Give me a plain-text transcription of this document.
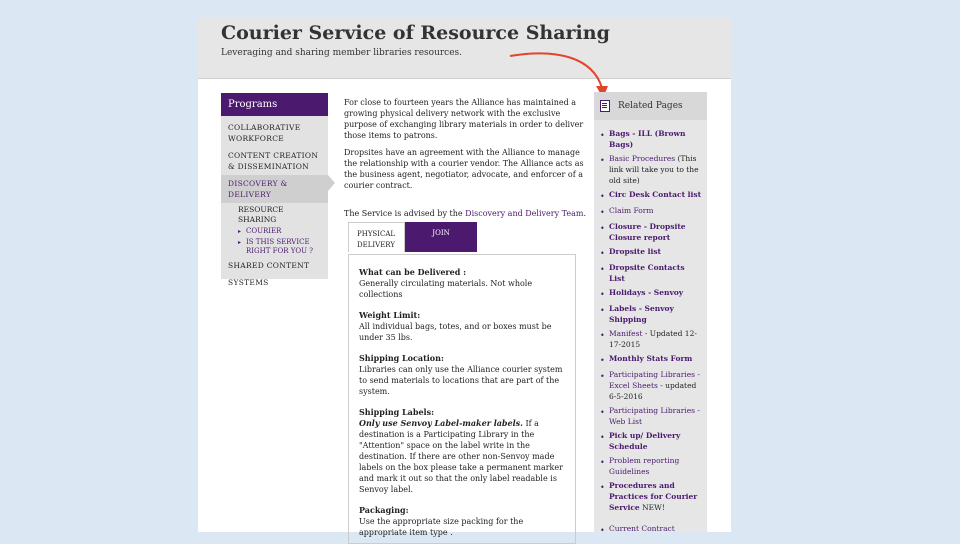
Courier Service of Resource Sharing
Leveraging and sharing member libraries resources.
Programs
COLLABORATIVE WORKFORCE
CONTENT CREATION & DISSEMINATION
DISCOVERY & DELIVERY
RESOURCE SHARING
▸ COURIER
▸ IS THIS SERVICE RIGHT FOR YOU ?
SHARED CONTENT
SYSTEMS

For close to fourteen years the Alliance has maintained a growing physical delivery network with the exclusive purpose of exchanging library materials in order to deliver those items to patrons.

Dropsites have an agreement with the Alliance to manage the relationship with a courier vendor. The Alliance acts as the business agent, negotiator, advocate, and enforcer of a courier contract.

The Service is advised by the Discovery and Delivery Team.
PHYSICAL DELIVERY
JOIN
What can be Delivered :
Generally circulating materials. Not whole collections
Weight Limit:
All individual bags, totes, and or boxes must be under 35 lbs.
Shipping Location:
Libraries can only use the Alliance courier system to send materials to locations that are part of the system.
Shipping Labels:
Only use Senvoy Label-maker labels. If a destination is a Participating Library in the "Attention" space on the label write in the destination. If there are other non-Senvoy made labels on the box please take a permanent marker and mark it out so that the only label readable is Senvoy label.
Packaging:
Use the appropriate size packing for the appropriate item type .
Related Pages
• Bags - ILL (Brown Bags)
• Basic Procedures (This link will take you to the old site)
• Circ Desk Contact list
• Claim Form
• Closure - Dropsite Closure report
• Dropsite list
• Dropsite Contacts List
• Holidays - Senvoy
• Labels - Senvoy Shipping
• Manifest - Updated 12-17-2015
• Monthly Stats Form
• Participating Libraries - Excel Sheets - updated 6-5-2016
• Participating Libraries - Web List
• Pick up/ Delivery Schedule
• Problem reporting Guidelines
• Procedures and Practices for Courier Service NEW!
• Current Contract
